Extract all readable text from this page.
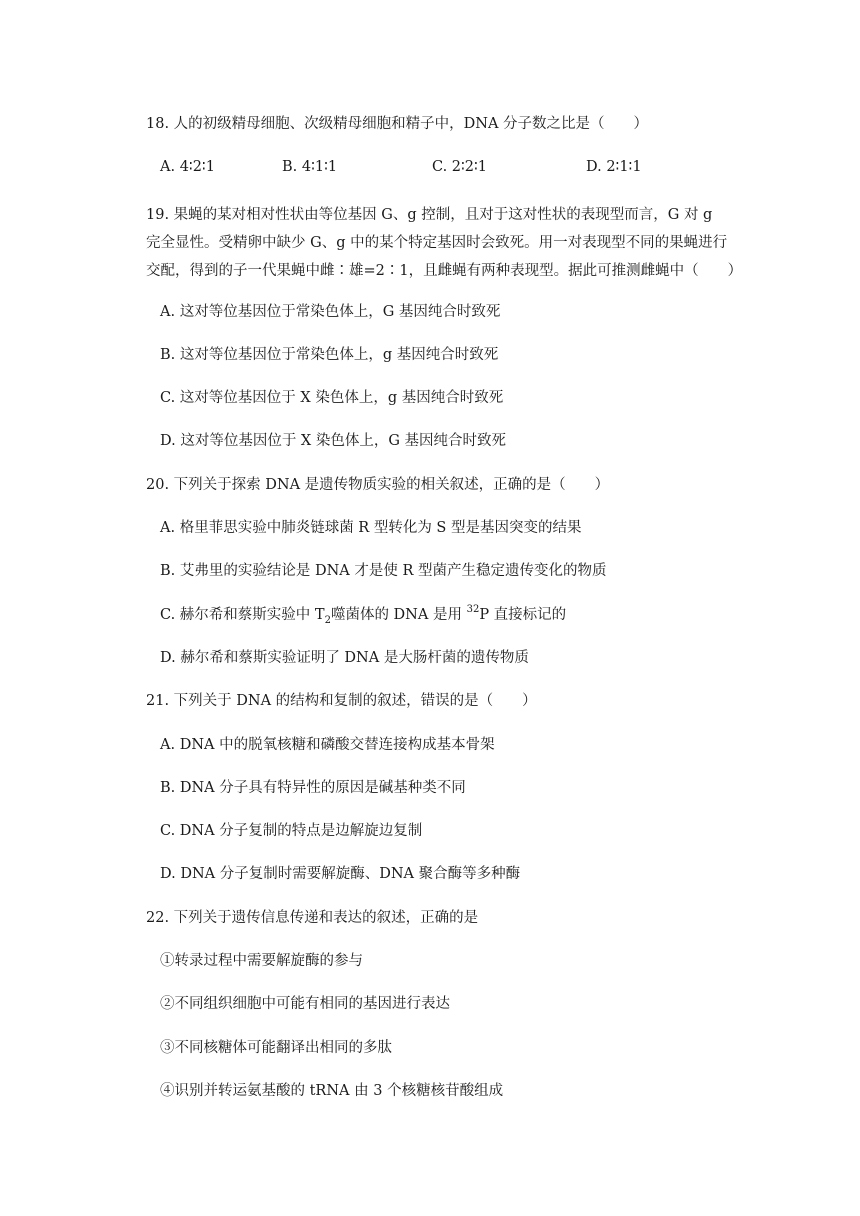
18. 人的初级精母细胞、次级精母细胞和精子中，DNA 分子数之比是（　　）
A. 4∶2∶1	B. 4∶1∶1	C. 2∶2∶1	D. 2∶1∶1
19. 果蝇的某对相对性状由等位基因 G、g 控制，且对于这对性状的表现型而言，G 对 g
完全显性。受精卵中缺少 G、g 中的某个特定基因时会致死。用一对表现型不同的果蝇进行
交配，得到的子一代果蝇中雌∶雄=2∶1，且雌蝇有两种表现型。据此可推测雌蝇中（　　）
A. 这对等位基因位于常染色体上，G 基因纯合时致死
B. 这对等位基因位于常染色体上，g 基因纯合时致死
C. 这对等位基因位于 X 染色体上，g 基因纯合时致死
D. 这对等位基因位于 X 染色体上，G 基因纯合时致死
20. 下列关于探索 DNA 是遗传物质实验的相关叙述，正确的是（　　）
A. 格里菲思实验中肺炎链球菌 R 型转化为 S 型是基因突变的结果
B. 艾弗里的实验结论是 DNA 才是使 R 型菌产生稳定遗传变化的物质
C. 赫尔希和蔡斯实验中 $T_2$噬菌体的 DNA 是用 $^{32}$P 直接标记的
D. 赫尔希和蔡斯实验证明了 DNA 是大肠杆菌的遗传物质
21. 下列关于 DNA 的结构和复制的叙述，错误的是（　　）
A. DNA 中的脱氧核糖和磷酸交替连接构成基本骨架
B. DNA 分子具有特异性的原因是碱基种类不同
C. DNA 分子复制的特点是边解旋边复制
D. DNA 分子复制时需要解旋酶、DNA 聚合酶等多种酶
22. 下列关于遗传信息传递和表达的叙述，正确的是
①转录过程中需要解旋酶的参与
②不同组织细胞中可能有相同的基因进行表达
③不同核糖体可能翻译出相同的多肽
④识别并转运氨基酸的 tRNA 由 3 个核糖核苷酸组成
